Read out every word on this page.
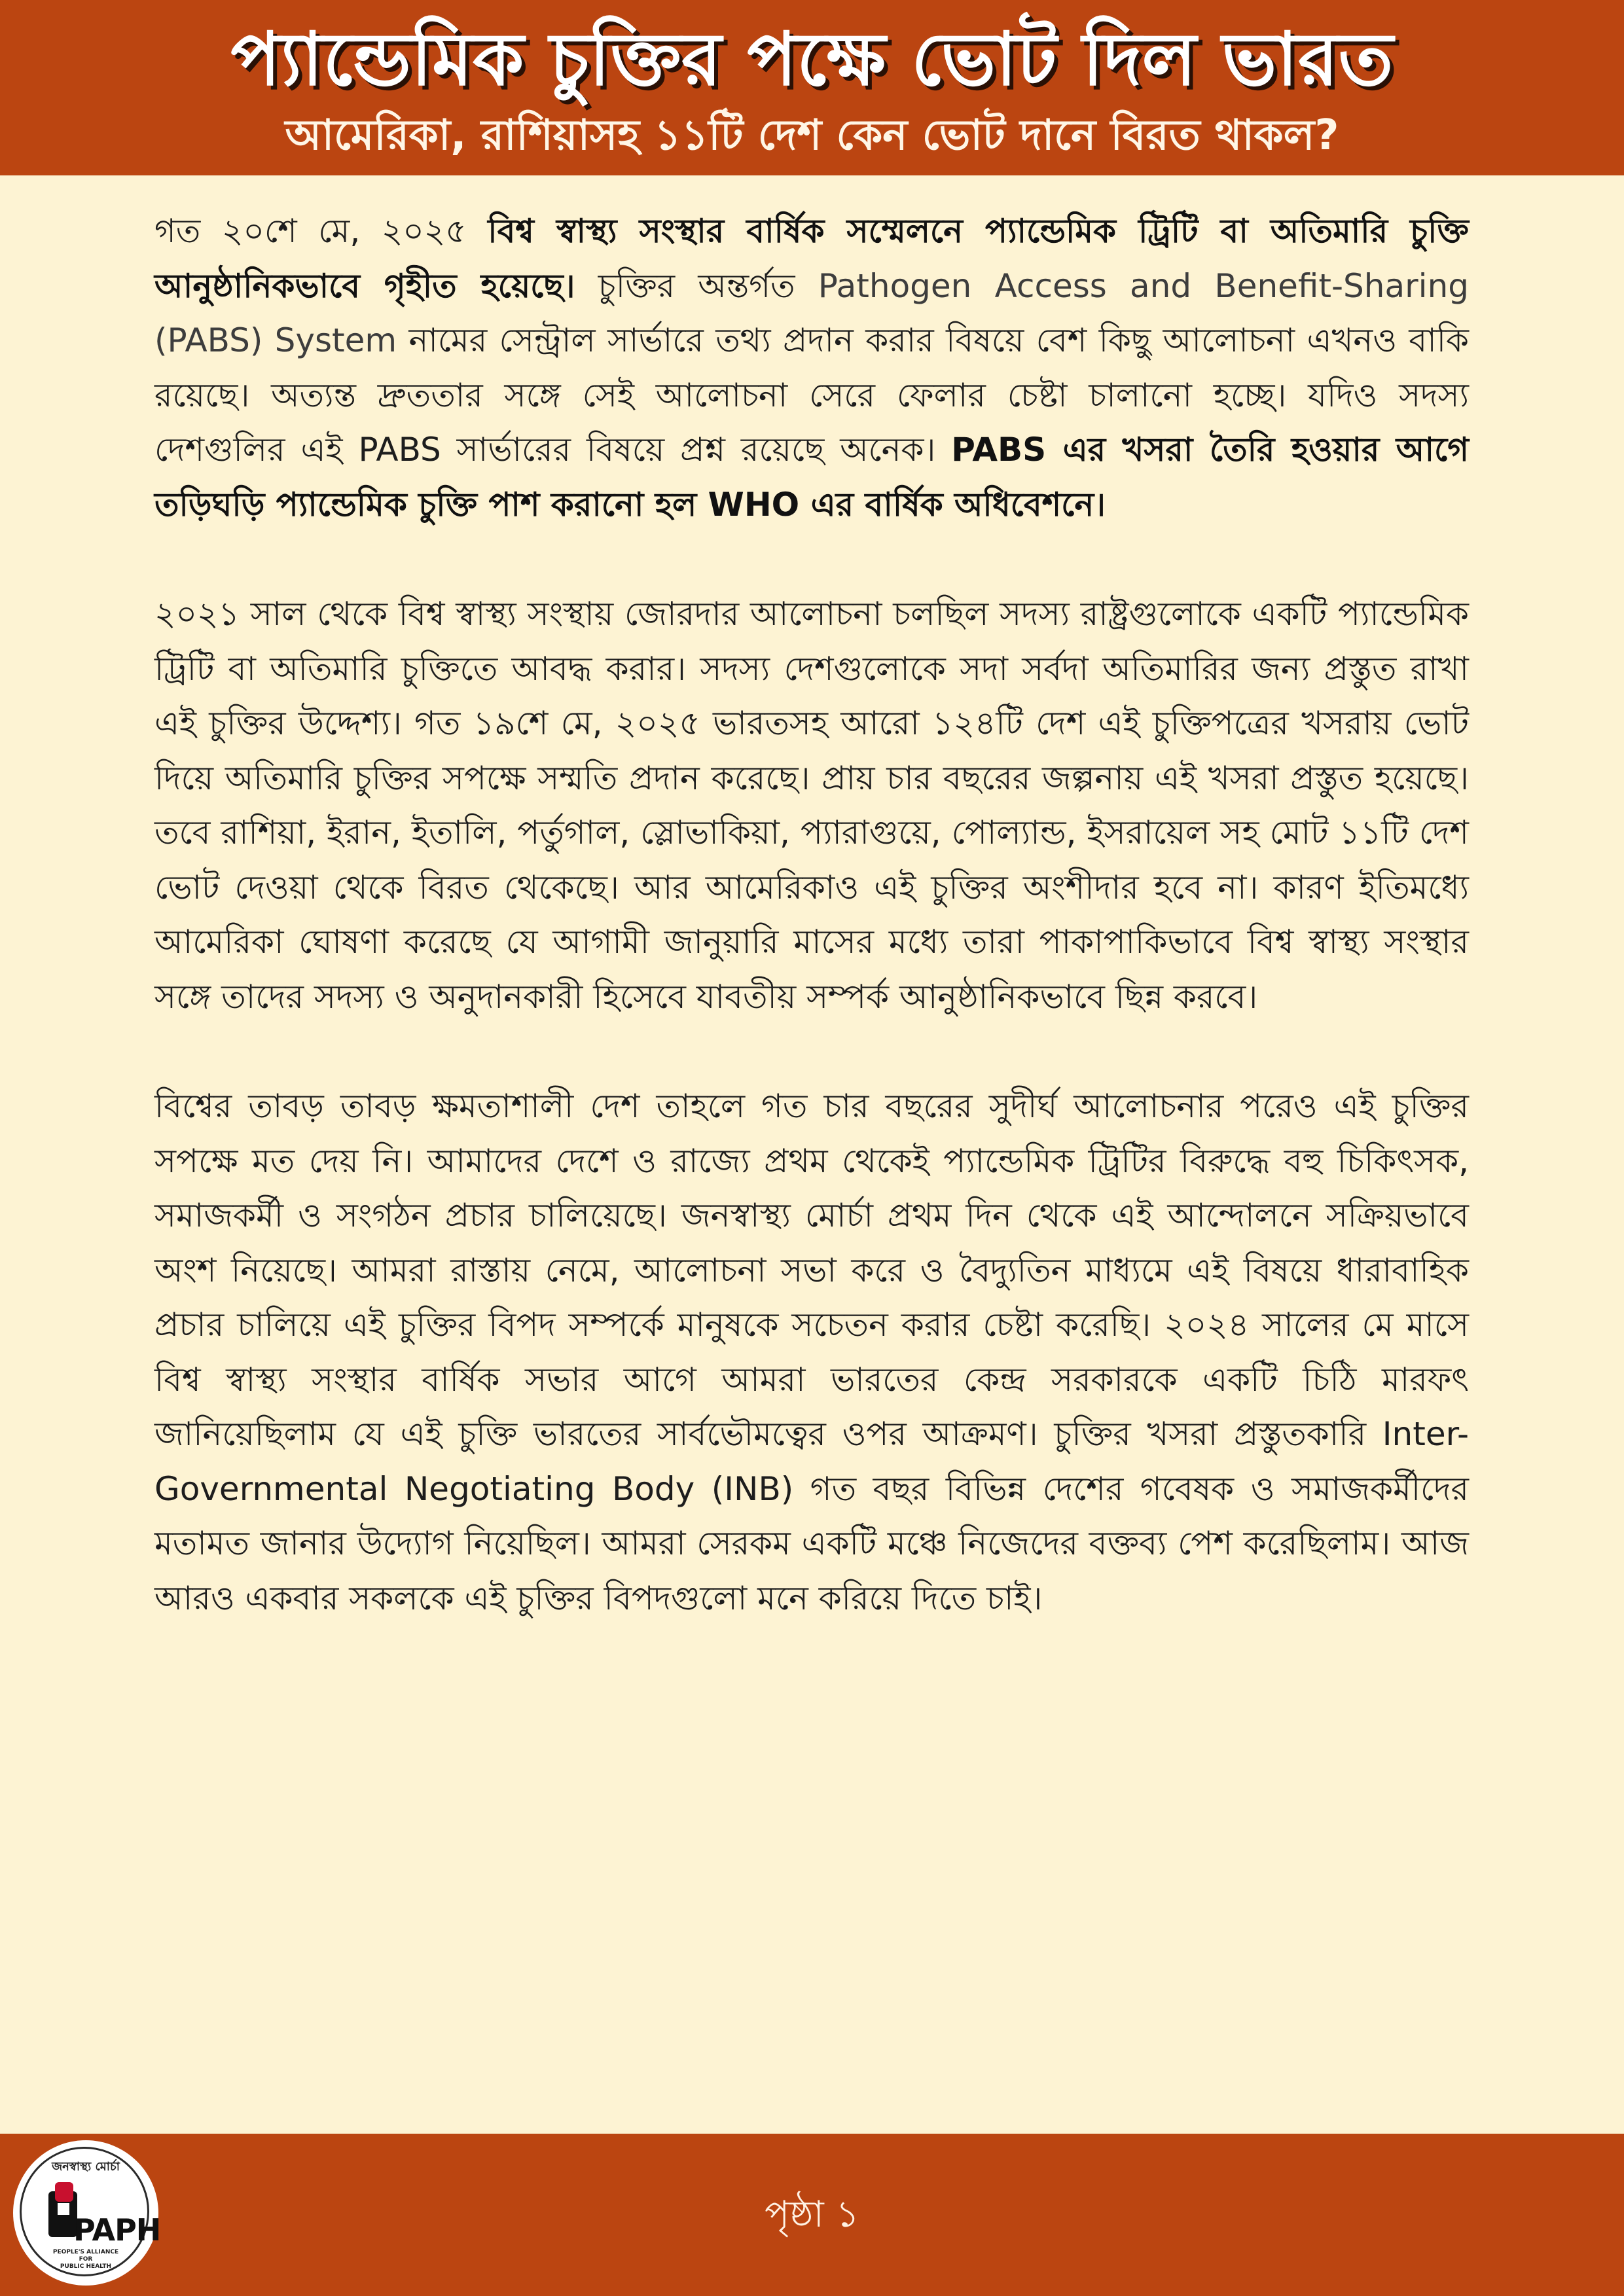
প্যান্ডেমিক চুক্তির পক্ষে ভোট দিল ভারত
আমেরিকা, রাশিয়াসহ ১১টি দেশ কেন ভোট দানে বিরত থাকল?

গত ২০শে মে, ২০২৫ বিশ্ব স্বাস্থ্য সংস্থার বার্ষিক সম্মেলনে প্যান্ডেমিক ট্রিটি বা অতিমারি চুক্তি আনুষ্ঠানিকভাবে গৃহীত হয়েছে। চুক্তির অন্তর্গত Pathogen Access and Benefit-Sharing (PABS) System নামের সেন্ট্রাল সার্ভারে তথ্য প্রদান করার বিষয়ে বেশ কিছু আলোচনা এখনও বাকি রয়েছে। অত্যন্ত দ্রুততার সঙ্গে সেই আলোচনা সেরে ফেলার চেষ্টা চালানো হচ্ছে। যদিও সদস্য দেশগুলির এই PABS সার্ভারের বিষয়ে প্রশ্ন রয়েছে অনেক। PABS এর খসরা তৈরি হওয়ার আগে তড়িঘড়ি প্যান্ডেমিক চুক্তি পাশ করানো হল WHO এর বার্ষিক অধিবেশনে।

২০২১ সাল থেকে বিশ্ব স্বাস্থ্য সংস্থায় জোরদার আলোচনা চলছিল সদস্য রাষ্ট্রগুলোকে একটি প্যান্ডেমিক ট্রিটি বা অতিমারি চুক্তিতে আবদ্ধ করার। সদস্য দেশগুলোকে সদা সর্বদা অতিমারির জন্য প্রস্তুত রাখা এই চুক্তির উদ্দেশ্য। গত ১৯শে মে, ২০২৫ ভারতসহ আরো ১২৪টি দেশ এই চুক্তিপত্রের খসরায় ভোট দিয়ে অতিমারি চুক্তির সপক্ষে সম্মতি প্রদান করেছে। প্রায় চার বছরের জল্পনায় এই খসরা প্রস্তুত হয়েছে। তবে রাশিয়া, ইরান, ইতালি, পর্তুগাল, স্লোভাকিয়া, প্যারাগুয়ে, পোল্যান্ড, ইসরায়েল সহ মোট ১১টি দেশ ভোট দেওয়া থেকে বিরত থেকেছে। আর আমেরিকাও এই চুক্তির অংশীদার হবে না। কারণ ইতিমধ্যে আমেরিকা ঘোষণা করেছে যে আগামী জানুয়ারি মাসের মধ্যে তারা পাকাপাকিভাবে বিশ্ব স্বাস্থ্য সংস্থার সঙ্গে তাদের সদস্য ও অনুদানকারী হিসেবে যাবতীয় সম্পর্ক আনুষ্ঠানিকভাবে ছিন্ন করবে।

বিশ্বের তাবড় তাবড় ক্ষমতাশালী দেশ তাহলে গত চার বছরের সুদীর্ঘ আলোচনার পরেও এই চুক্তির সপক্ষে মত দেয় নি। আমাদের দেশে ও রাজ্যে প্রথম থেকেই প্যান্ডেমিক ট্রিটির বিরুদ্ধে বহু চিকিৎসক, সমাজকর্মী ও সংগঠন প্রচার চালিয়েছে। জনস্বাস্থ্য মোর্চা প্রথম দিন থেকে এই আন্দোলনে সক্রিয়ভাবে অংশ নিয়েছে। আমরা রাস্তায় নেমে, আলোচনা সভা করে ও বৈদ্যুতিন মাধ্যমে এই বিষয়ে ধারাবাহিক প্রচার চালিয়ে এই চুক্তির বিপদ সম্পর্কে মানুষকে সচেতন করার চেষ্টা করেছি। ২০২৪ সালের মে মাসে বিশ্ব স্বাস্থ্য সংস্থার বার্ষিক সভার আগে আমরা ভারতের কেন্দ্র সরকারকে একটি চিঠি মারফৎ জানিয়েছিলাম যে এই চুক্তি ভারতের সার্বভৌমত্বের ওপর আক্রমণ। চুক্তির খসরা প্রস্তুতকারি Inter-Governmental Negotiating Body (INB) গত বছর বিভিন্ন দেশের গবেষক ও সমাজকর্মীদের মতামত জানার উদ্যোগ নিয়েছিল। আমরা সেরকম একটি মঞ্চে নিজেদের বক্তব্য পেশ করেছিলাম। আজ আরও একবার সকলকে এই চুক্তির বিপদগুলো মনে করিয়ে দিতে চাই।

জনস্বাস্থ্য মোর্চা
PAPH
PEOPLE'S ALLIANCE
FOR
PUBLIC HEALTH
পৃষ্ঠা ১
